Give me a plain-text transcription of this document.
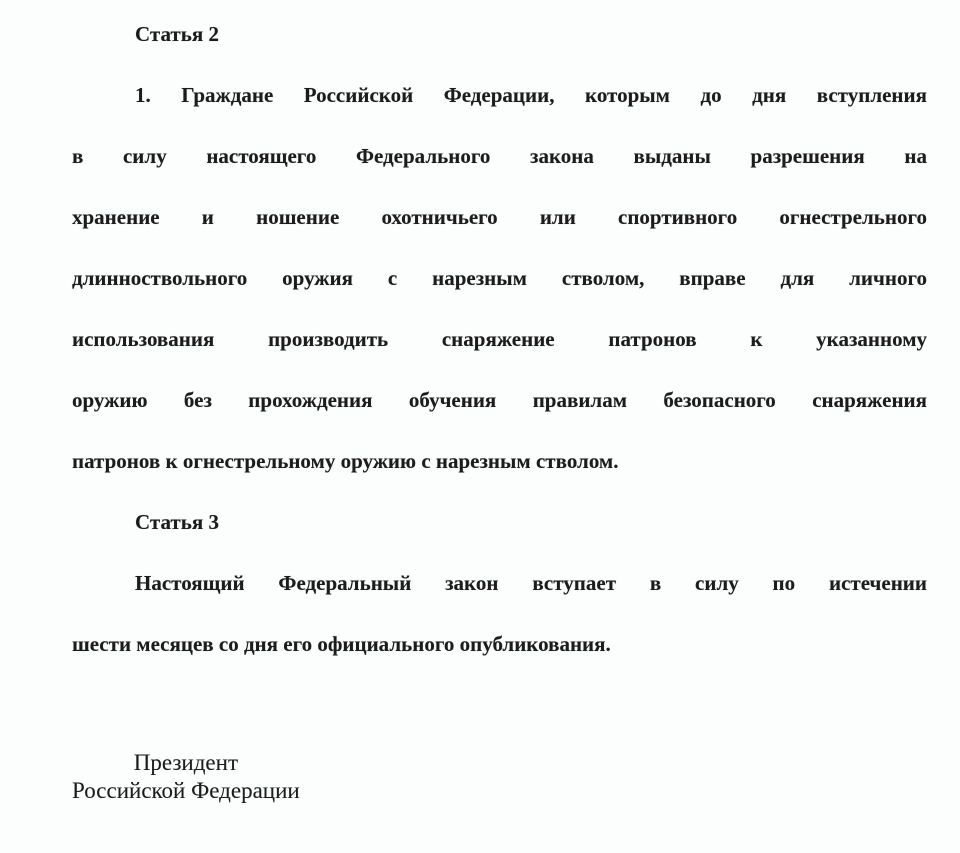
Статья 2
1. Граждане Российской Федерации, которым до дня вступления
в силу настоящего Федерального закона выданы разрешения на
хранение и ношение охотничьего или спортивного огнестрельного
длинноствольного оружия с нарезным стволом, вправе для личного
использования производить снаряжение патронов к указанному
оружию без прохождения обучения правилам безопасного снаряжения
патронов к огнестрельному оружию с нарезным стволом.
Статья 3
Настоящий Федеральный закон вступает в силу по истечении
шести месяцев со дня его официального опубликования.
Президент
Российской Федерации
